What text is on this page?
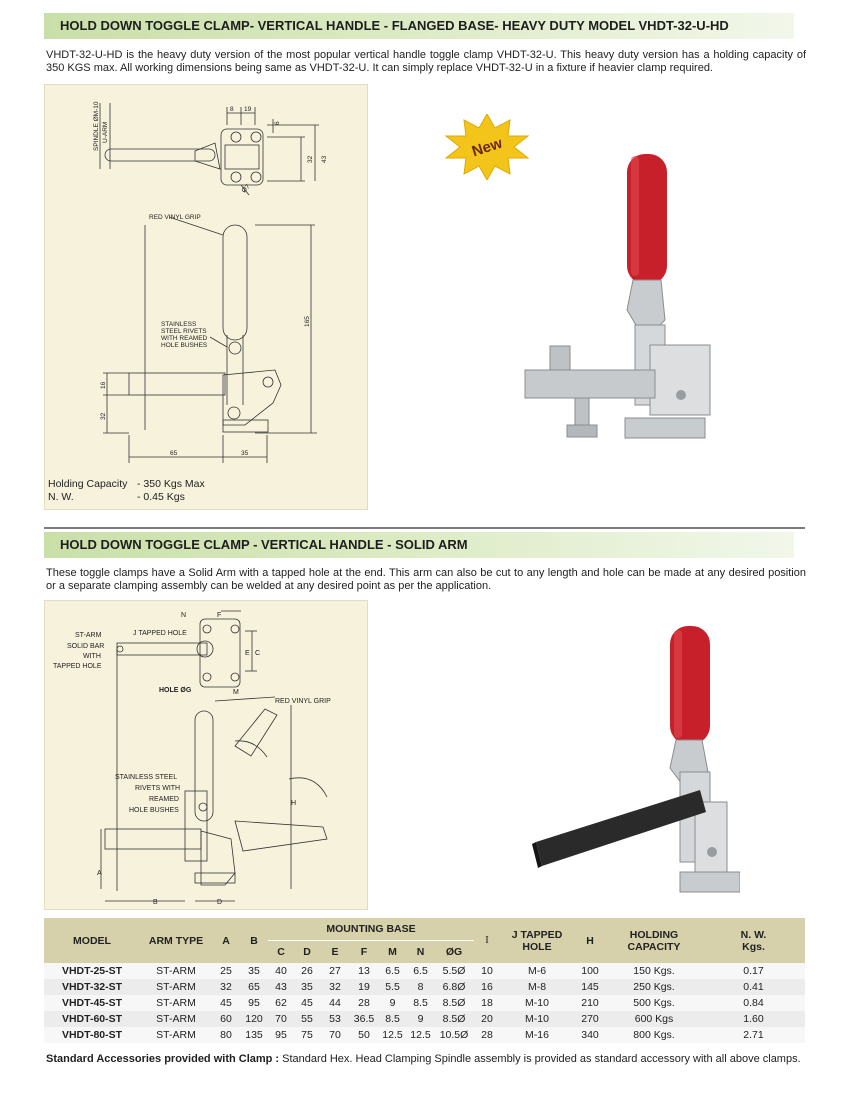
HOLD DOWN TOGGLE CLAMP- VERTICAL HANDLE - FLANGED BASE- HEAVY DUTY MODEL VHDT-32-U-HD
VHDT-32-U-HD is the heavy duty version of the most popular vertical handle toggle clamp VHDT-32-U. This heavy duty version has a holding capacity of 350 KGS max. All working dimensions being same as VHDT-32-U. It can simply replace VHDT-32-U in a fixture if heavier clamp required.
SPINDLE ØM-10 U-ARM
8 19
6
32 43
Ø7
RED VINYL GRIP
STAINLESS
STEEL RIVETS
WITH REAMED
HOLE BUSHES
165
16
32
65	35
Holding Capacity - 350 Kgs Max
N. W.	- 0.45 Kgs
New
HOLD DOWN TOGGLE CLAMP - VERTICAL HANDLE - SOLID ARM
These toggle clamps have a Solid Arm with a tapped hole at the end. This arm can also be cut to any length and hole can be made at any desired position or a separate clamping assembly can be welded at any desired point as per the application.
N	F
E C
M
H
A
B	D
ST-ARM
SOLID BAR
WITH
TAPPED HOLE
J TAPPED HOLE
HOLE ØG
RED VINYL GRIP
STAINLESS STEEL
RIVETS WITH
REAMED
HOLE BUSHES
MODEL	ARM TYPE	A	B	MOUNTING BASE							I	J TAPPED
HOLE	H	HOLDING
CAPACITY	N. W.
Kgs.
				C	D	E	F	M	N	ØG					
VHDT-25-ST	ST-ARM	25	35	40	26	27	13	6.5	6.5	5.5Ø	10	M-6	100	150 Kgs.	0.17
VHDT-32-ST	ST-ARM	32	65	43	35	32	19	5.5	8	6.8Ø	16	M-8	145	250 Kgs.	0.41
VHDT-45-ST	ST-ARM	45	95	62	45	44	28	9	8.5	8.5Ø	18	M-10	210	500 Kgs.	0.84
VHDT-60-ST	ST-ARM	60	120	70	55	53	36.5	8.5	9	8.5Ø	20	M-10	270	600 Kgs	1.60
VHDT-80-ST	ST-ARM	80	135	95	75	70	50	12.5	12.5	10.5Ø	28	M-16	340	800 Kgs.	2.71
Standard Accessories provided with Clamp : Standard Hex. Head Clamping Spindle assembly is provided as standard accessory with all above clamps.
